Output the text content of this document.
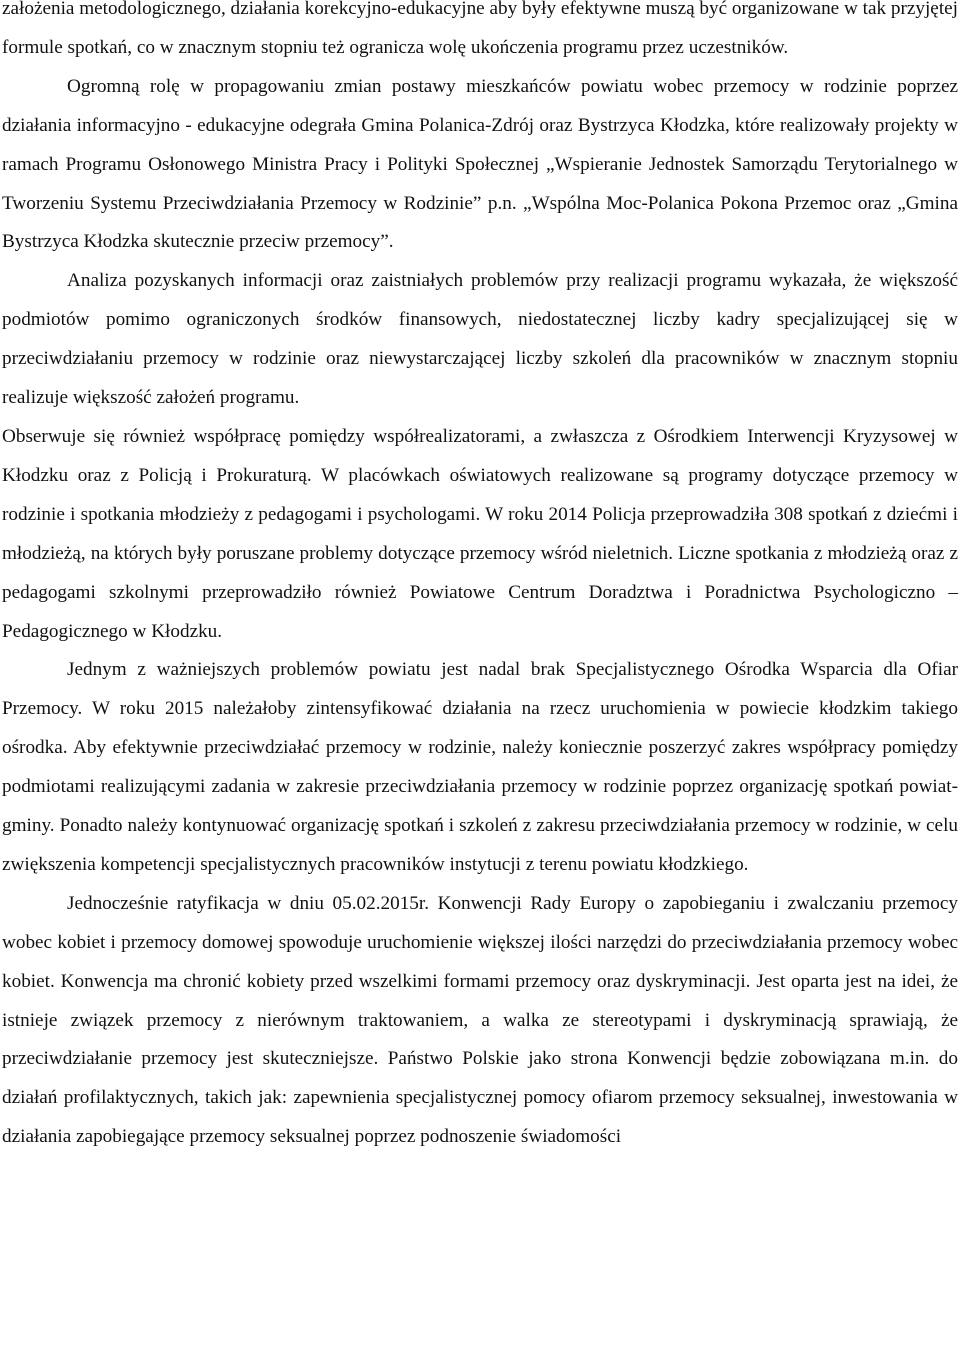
założenia metodologicznego, działania korekcyjno-edukacyjne aby były efektywne muszą być organizowane w tak przyjętej formule spotkań, co w znacznym stopniu też ogranicza wolę ukończenia programu przez uczestników.

Ogromną rolę w propagowaniu zmian postawy mieszkańców powiatu wobec przemocy w rodzinie poprzez działania informacyjno - edukacyjne odegrała Gmina Polanica-Zdrój oraz Bystrzyca Kłodzka, które realizowały projekty w ramach Programu Osłonowego Ministra Pracy i Polityki Społecznej „Wspieranie Jednostek Samorządu Terytorialnego w Tworzeniu Systemu Przeciwdziałania Przemocy w Rodzinie” p.n. „Wspólna Moc-Polanica Pokona Przemoc oraz „Gmina Bystrzyca Kłodzka skutecznie przeciw przemocy”.

Analiza pozyskanych informacji oraz zaistniałych problemów przy realizacji programu wykazała, że większość podmiotów pomimo ograniczonych środków finansowych, niedostatecznej liczby kadry specjalizującej się w przeciwdziałaniu przemocy w rodzinie oraz niewystarczającej liczby szkoleń dla pracowników w znacznym stopniu realizuje większość założeń programu.

Obserwuje się również współpracę pomiędzy współrealizatorami, a zwłaszcza z Ośrodkiem Interwencji Kryzysowej w Kłodzku oraz z Policją i Prokuraturą. W placówkach oświatowych realizowane są programy dotyczące przemocy w rodzinie i spotkania młodzieży z pedagogami i psychologami. W roku 2014 Policja przeprowadziła 308 spotkań z dziećmi i młodzieżą, na których były poruszane problemy dotyczące przemocy wśród nieletnich. Liczne spotkania z młodzieżą oraz z pedagogami szkolnymi przeprowadziło również Powiatowe Centrum Doradztwa i Poradnictwa Psychologiczno – Pedagogicznego w Kłodzku.

Jednym z ważniejszych problemów powiatu jest nadal brak Specjalistycznego Ośrodka Wsparcia dla Ofiar Przemocy. W roku 2015 należałoby zintensyfikować działania na rzecz uruchomienia w powiecie kłodzkim takiego ośrodka. Aby efektywnie przeciwdziałać przemocy w rodzinie, należy koniecznie poszerzyć zakres współpracy pomiędzy podmiotami realizującymi zadania w zakresie przeciwdziałania przemocy w rodzinie poprzez organizację spotkań powiat-gminy. Ponadto należy kontynuować organizację spotkań i szkoleń z zakresu przeciwdziałania przemocy w rodzinie, w celu zwiększenia kompetencji specjalistycznych pracowników instytucji z terenu powiatu kłodzkiego.

Jednocześnie ratyfikacja w dniu 05.02.2015r. Konwencji Rady Europy o zapobieganiu i zwalczaniu przemocy wobec kobiet i przemocy domowej spowoduje uruchomienie większej ilości narzędzi do przeciwdziałania przemocy wobec kobiet. Konwencja ma chronić kobiety przed wszelkimi formami przemocy oraz dyskryminacji. Jest oparta jest na idei, że istnieje związek przemocy z nierównym traktowaniem, a walka ze stereotypami i dyskryminacją sprawiają, że przeciwdziałanie przemocy jest skuteczniejsze. Państwo Polskie jako strona Konwencji będzie zobowiązana m.in. do działań profilaktycznych, takich jak: zapewnienia specjalistycznej pomocy ofiarom przemocy seksualnej, inwestowania w działania zapobiegające przemocy seksualnej poprzez podnoszenie świadomości
